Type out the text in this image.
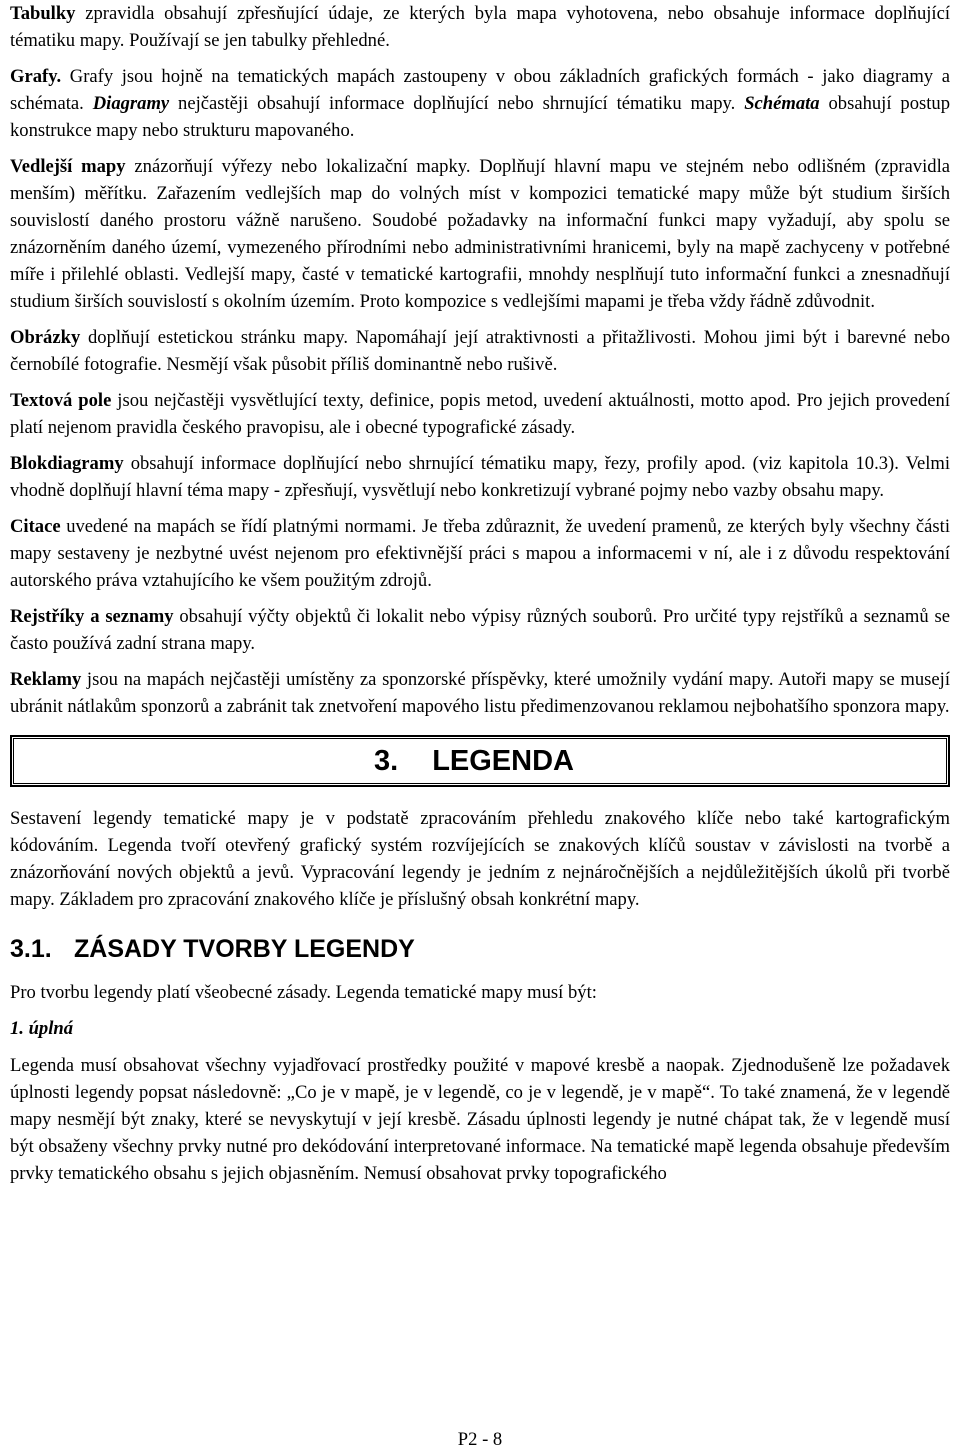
Tabulky zpravidla obsahují zpřesňující údaje, ze kterých byla mapa vyhotovena, nebo obsahuje informace doplňující tématiku mapy. Používají se jen tabulky přehledné.

Grafy. Grafy jsou hojně na tematických mapách zastoupeny v obou základních grafických formách - jako diagramy a schémata. Diagramy nejčastěji obsahují informace doplňující nebo shrnující tématiku mapy. Schémata obsahují postup konstrukce mapy nebo strukturu mapovaného.

Vedlejší mapy znázorňují výřezy nebo lokalizační mapky. Doplňují hlavní mapu ve stejném nebo odlišném (zpravidla menším) měřítku. Zařazením vedlejších map do volných míst v kompozici tematické mapy může být studium širších souvislostí daného prostoru vážně narušeno. Soudobé požadavky na informační funkci mapy vyžadují, aby spolu se znázorněním daného území, vymezeného přírodními nebo administrativními hranicemi, byly na mapě zachyceny v potřebné míře i přilehlé oblasti. Vedlejší mapy, časté v tematické kartografii, mnohdy nesplňují tuto informační funkci a znesnadňují studium širších souvislostí s okolním územím. Proto kompozice s vedlejšími mapami je třeba vždy řádně zdůvodnit.

Obrázky doplňují estetickou stránku mapy. Napomáhají její atraktivnosti a přitažlivosti. Mohou jimi být i barevné nebo černobílé fotografie. Nesmějí však působit příliš dominantně nebo rušivě.

Textová pole jsou nejčastěji vysvětlující texty, definice, popis metod, uvedení aktuálnosti, motto apod. Pro jejich provedení platí nejenom pravidla českého pravopisu, ale i obecné typografické zásady.

Blokdiagramy obsahují informace doplňující nebo shrnující tématiku mapy, řezy, profily apod. (viz kapitola 10.3). Velmi vhodně doplňují hlavní téma mapy - zpřesňují, vysvětlují nebo konkretizují vybrané pojmy nebo vazby obsahu mapy.

Citace uvedené na mapách se řídí platnými normami. Je třeba zdůraznit, že uvedení pramenů, ze kterých byly všechny části mapy sestaveny je nezbytné uvést nejenom pro efektivnější práci s mapou a informacemi v ní, ale i z důvodu respektování autorského práva vztahujícího ke všem použitým zdrojů.

Rejstříky a seznamy obsahují výčty objektů či lokalit nebo výpisy různých souborů. Pro určité typy rejstříků a seznamů se často používá zadní strana mapy.

Reklamy jsou na mapách nejčastěji umístěny za sponzorské příspěvky, které umožnily vydání mapy. Autoři mapy se musejí ubránit nátlakům sponzorů a zabránit tak znetvoření mapového listu předimenzovanou reklamou nejbohatšího sponzora mapy.

3. LEGENDA

Sestavení legendy tematické mapy je v podstatě zpracováním přehledu znakového klíče nebo také kartografickým kódováním. Legenda tvoří otevřený grafický systém rozvíjejících se znakových klíčů soustav v závislosti na tvorbě a znázorňování nových objektů a jevů. Vypracování legendy je jedním z nejnáročnějších a nejdůležitějších úkolů při tvorbě mapy. Základem pro zpracování znakového klíče je příslušný obsah konkrétní mapy.

3.1. ZÁSADY TVORBY LEGENDY

Pro tvorbu legendy platí všeobecné zásady. Legenda tematické mapy musí být:

1. úplná

Legenda musí obsahovat všechny vyjadřovací prostředky použité v mapové kresbě a naopak. Zjednodušeně lze požadavek úplnosti legendy popsat následovně: „Co je v mapě, je v legendě, co je v legendě, je v mapě“. To také znamená, že v legendě mapy nesmějí být znaky, které se nevyskytují v její kresbě. Zásadu úplnosti legendy je nutné chápat tak, že v legendě musí být obsaženy všechny prvky nutné pro dekódování interpretované informace. Na tematické mapě legenda obsahuje především prvky tematického obsahu s jejich objasněním. Nemusí obsahovat prvky topografického

P2 - 8
